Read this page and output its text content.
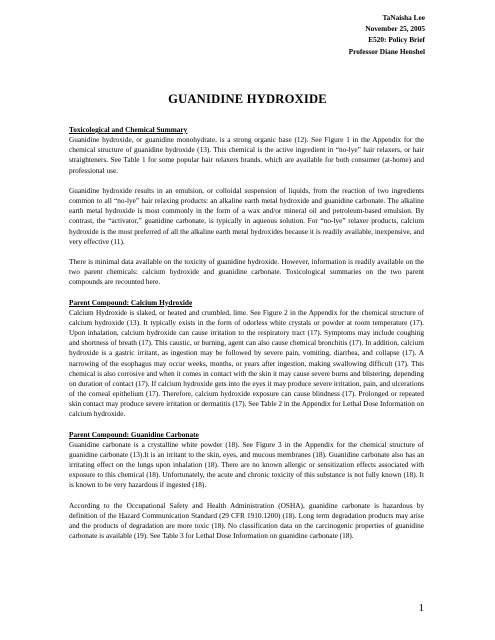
TaNaisha Lee
November 25, 2005
E520: Policy Brief
Professor Diane Henshel
GUANIDINE HYDROXIDE
Toxicological and Chemical Summary

Guanidine hydroxide, or guanidine monohydrate, is a strong organic base (12). See Figure 1 in the Appendix for the chemical structure of guanidine hydroxide (13). This chemical is the active ingredient in “no-lye” hair relaxers, or hair straighteners. See Table 1 for some popular hair relaxers brands, which are available for both consumer (at-home) and professional use.

Guanidine hydroxide results in an emulsion, or colloidal suspension of liquids, from the reaction of two ingredients common to all “no-lye” hair relaxing products: an alkaline earth metal hydroxide and guanidine carbonate. The alkaline earth metal hydroxide is most commonly in the form of a wax and/or mineral oil and petroleum-based emulsion. By contrast, the “activator,” guanidine carbonate, is typically in aqueous solution. For “no-lye” relaxer products, calcium hydroxide is the most preferred of all the alkaline earth metal hydroxides because it is readily available, inexpensive, and very effective (11).

There is minimal data available on the toxicity of guanidine hydroxide. However, information is readily available on the two parent chemicals: calcium hydroxide and guanidine carbonate. Toxicological summaries on the two parent compounds are recounted here.

Parent Compound: Calcium Hydroxide

Calcium Hydroxide is slaked, or heated and crumbled, lime. See Figure 2 in the Appendix for the chemical structure of calcium hydroxide (13). It typically exists in the form of odorless white crystals or powder at room temperature (17). Upon inhalation, calcium hydroxide can cause irritation to the respiratory tract (17). Symptoms may include coughing and shortness of breath (17). This caustic, or burning, agent can also cause chemical bronchitis (17). In addition, calcium hydroxide is a gastric irritant, as ingestion may be followed by severe pain, vomiting, diarrhea, and collapse (17). A narrowing of the esophagus may occur weeks, months, or years after ingestion, making swallowing difficult (17). This chemical is also corrosive and when it comes in contact with the skin it may cause severe burns and blistering, depending on duration of contact (17). If calcium hydroxide gets into the eyes it may produce severe irritation, pain, and ulcerations of the corneal epithelium (17). Therefore, calcium hydroxide exposure can cause blindness (17). Prolonged or repeated skin contact may produce severe irritation or dermatitis (17). See Table 2 in the Appendix for Lethal Dose Information on calcium hydroxide.

Parent Compound: Guanidine Carbonate

Guanidine carbonate is a crystalline white powder (18). See Figure 3 in the Appendix for the chemical structure of guanidine carbonate (13).It is an irritant to the skin, eyes, and mucous membranes (18). Guanidine carbonate also has an irritating effect on the lungs upon inhalation (18). There are no known allergic or sensitization effects associated with exposure to this chemical (18). Unfortunately, the acute and chronic toxicity of this substance is not fully known (18). It is known to be very hazardous if ingested (18).

According to the Occupational Safety and Health Administration (OSHA), guanidine carbonate is hazardous by definition of the Hazard Communication Standard (29 CFR 1910.1200) (18). Long term degradation products may arise and the products of degradation are more toxic (18). No classification data on the carcinogenic properties of guanidine carbonate is available (19). See Table 3 for Lethal Dose Information on guanidine carbonate (18).

1
